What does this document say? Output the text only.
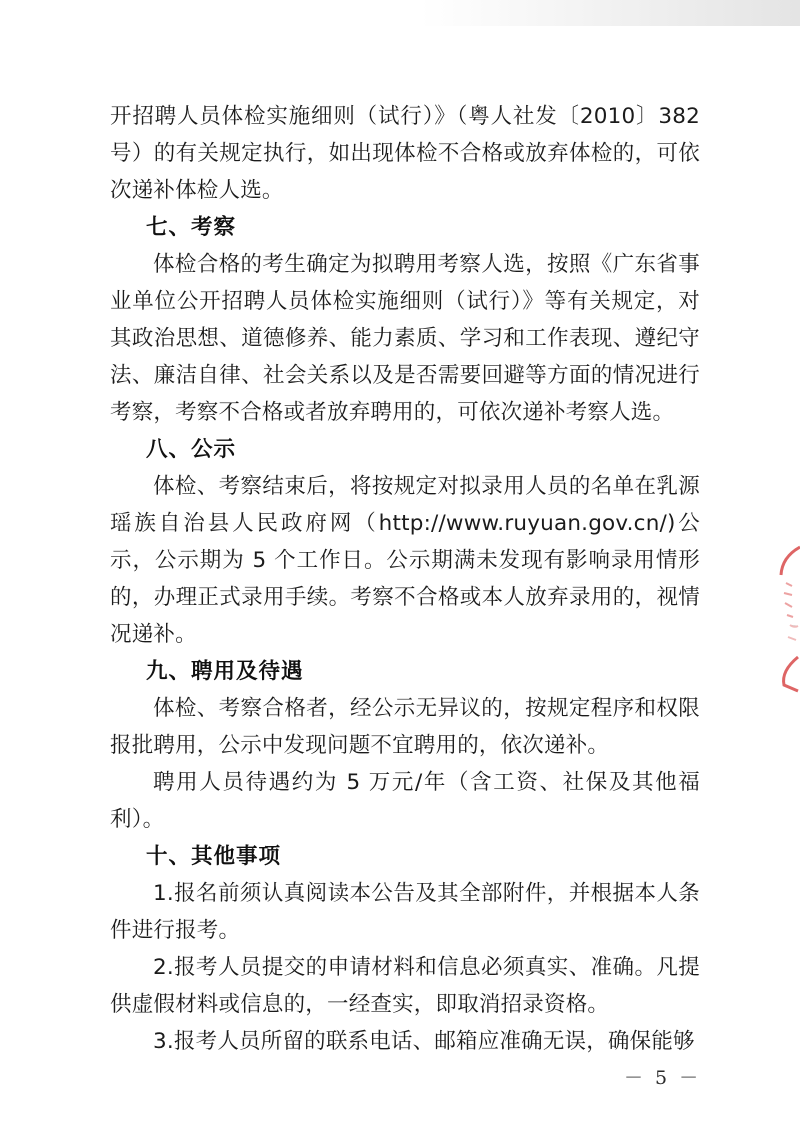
开招聘人员体检实施细则（试行）》（粤人社发〔2010〕382号）的有关规定执行，如出现体检不合格或放弃体检的，可依次递补体检人选。

七、考察

体检合格的考生确定为拟聘用考察人选，按照《广东省事业单位公开招聘人员体检实施细则（试行）》等有关规定，对其政治思想、道德修养、能力素质、学习和工作表现、遵纪守法、廉洁自律、社会关系以及是否需要回避等方面的情况进行考察，考察不合格或者放弃聘用的，可依次递补考察人选。

八、公示

体检、考察结束后，将按规定对拟录用人员的名单在乳源瑶族自治县人民政府网（http://www.ruyuan.gov.cn/)公示，公示期为 5 个工作日。公示期满未发现有影响录用情形的，办理正式录用手续。考察不合格或本人放弃录用的，视情况递补。

九、聘用及待遇

体检、考察合格者，经公示无异议的，按规定程序和权限报批聘用，公示中发现问题不宜聘用的，依次递补。

聘用人员待遇约为 5 万元/年（含工资、社保及其他福利）。

十、其他事项

1.报名前须认真阅读本公告及其全部附件，并根据本人条件进行报考。

2.报考人员提交的申请材料和信息必须真实、准确。凡提供虚假材料或信息的，一经查实，即取消招录资格。

3.报考人员所留的联系电话、邮箱应准确无误，确保能够

－ 5 －
